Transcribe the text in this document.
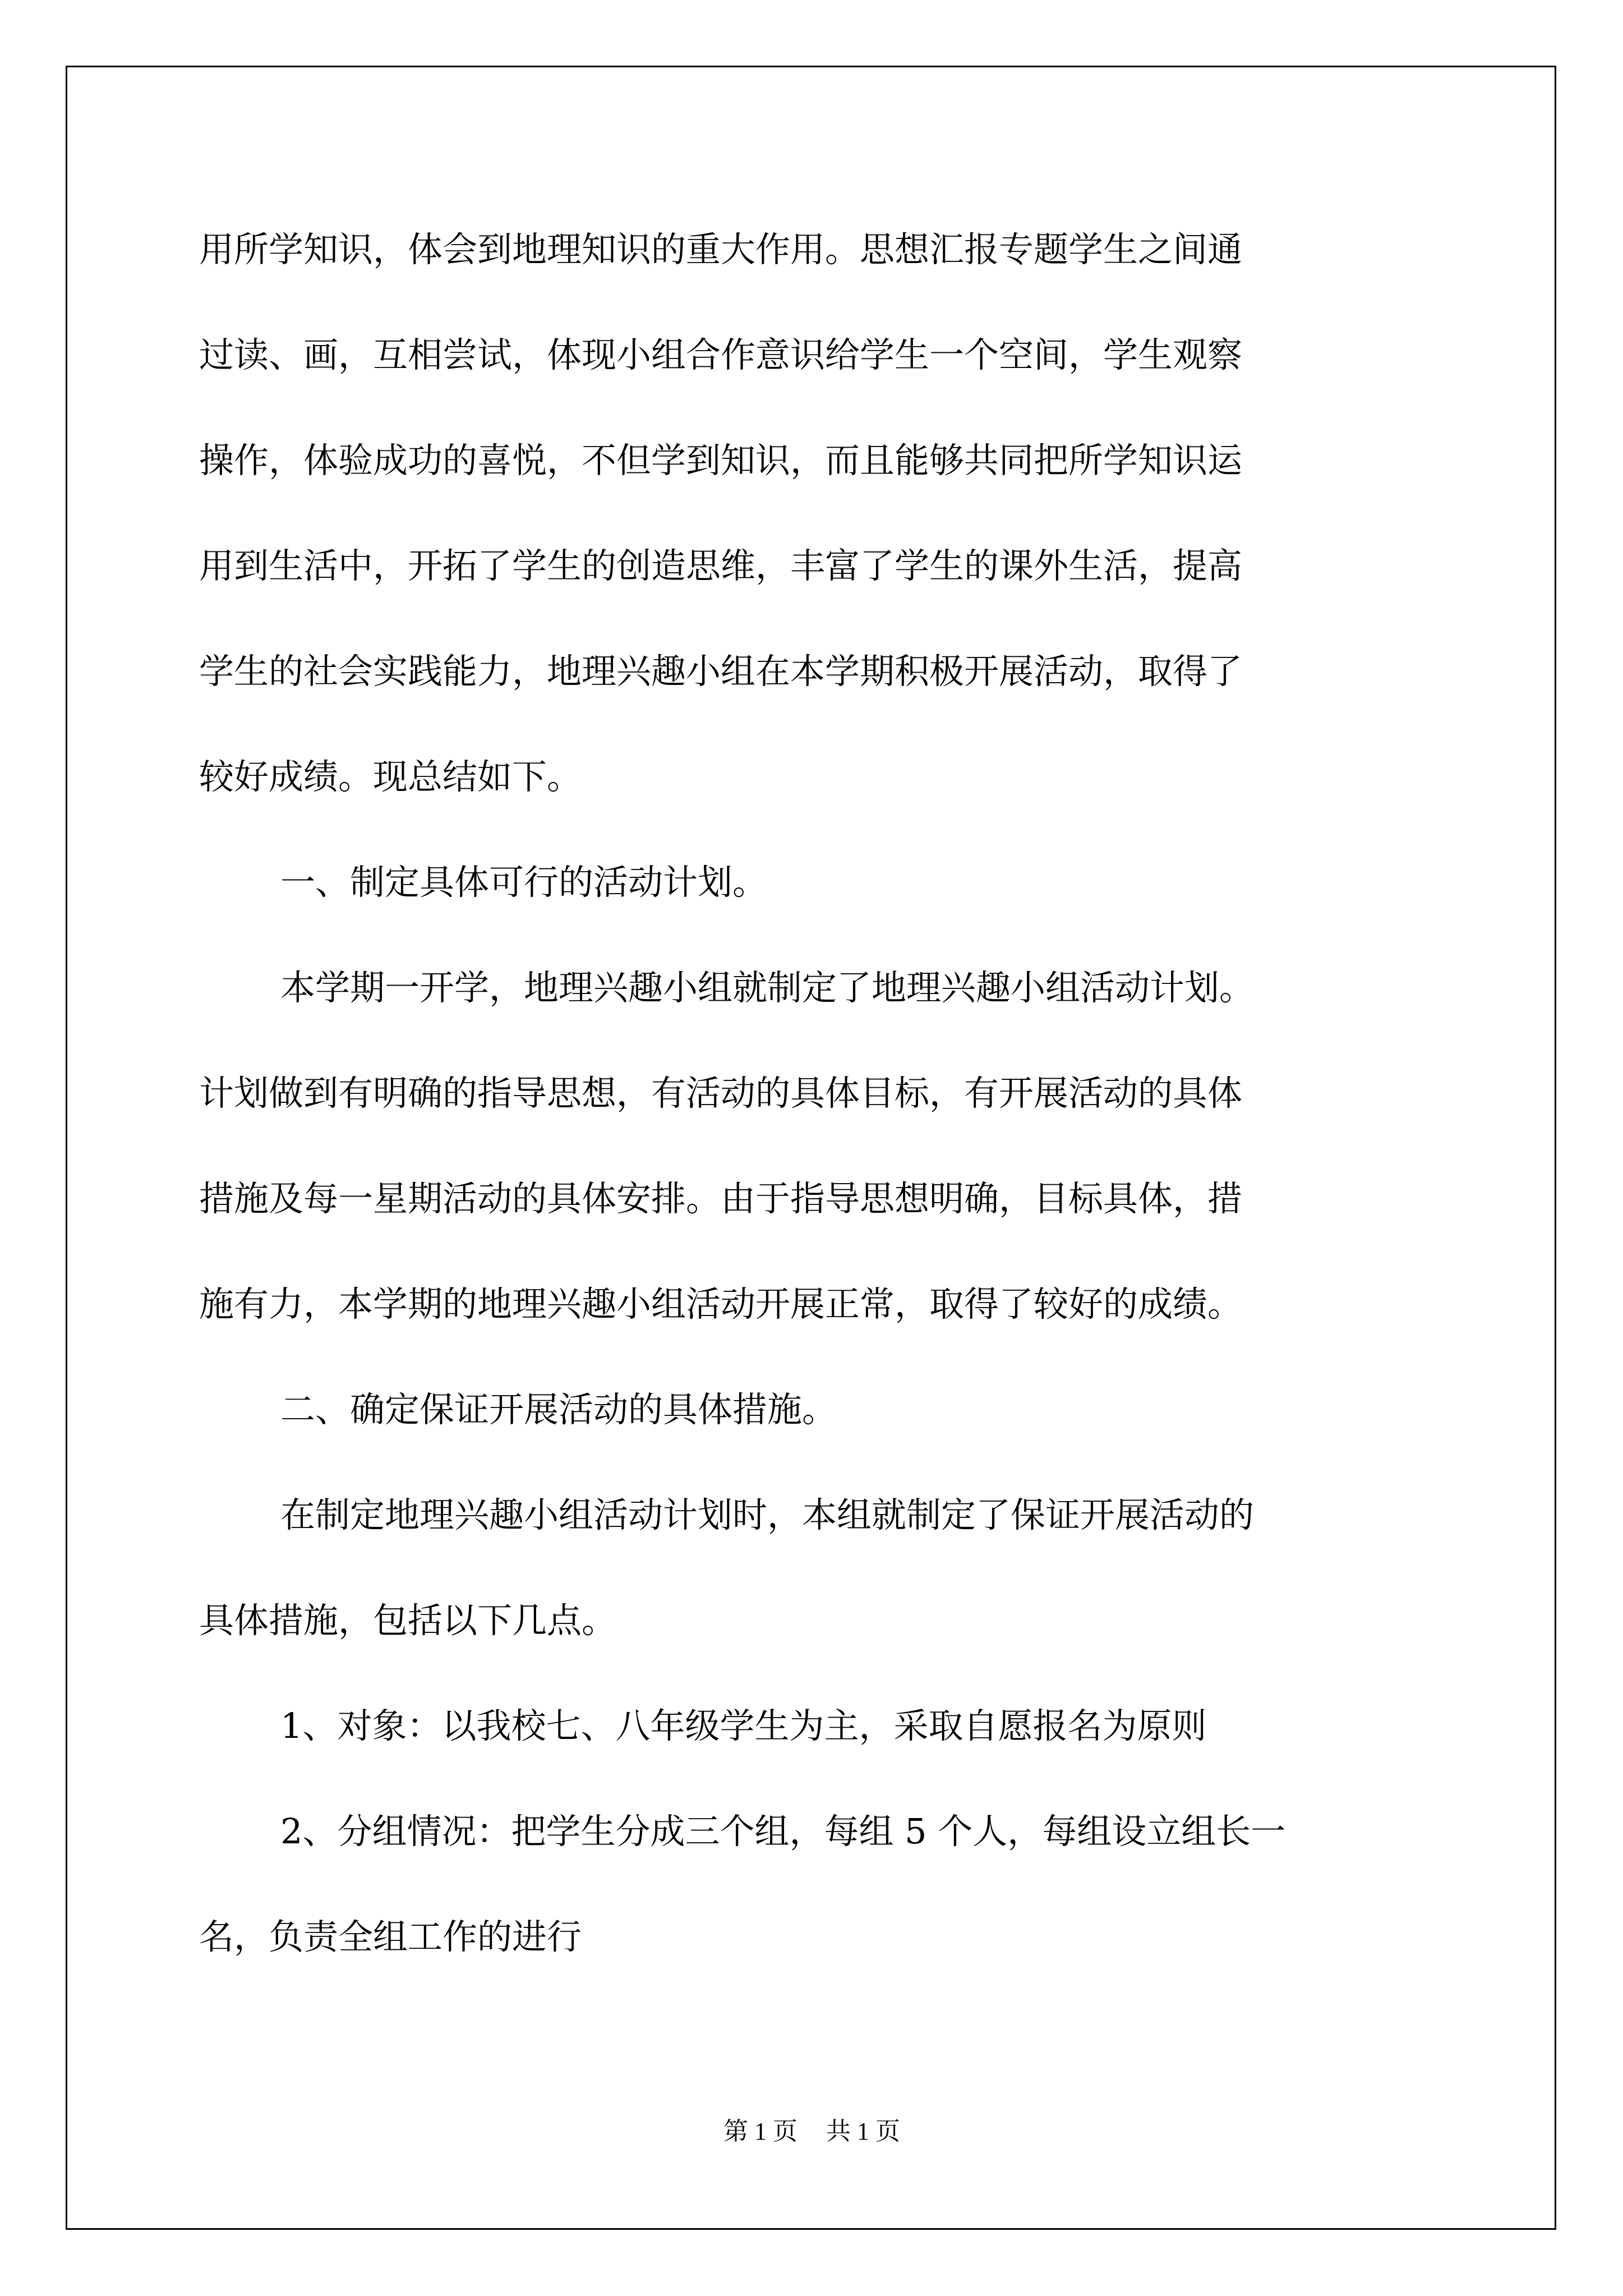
用所学知识，体会到地理知识的重大作用。思想汇报专题学生之间通
过读、画，互相尝试，体现小组合作意识给学生一个空间，学生观察
操作，体验成功的喜悦，不但学到知识，而且能够共同把所学知识运
用到生活中，开拓了学生的创造思维，丰富了学生的课外生活，提高
学生的社会实践能力，地理兴趣小组在本学期积极开展活动，取得了
较好成绩。现总结如下。
一、制定具体可行的活动计划。
本学期一开学，地理兴趣小组就制定了地理兴趣小组活动计划。
计划做到有明确的指导思想，有活动的具体目标，有开展活动的具体
措施及每一星期活动的具体安排。由于指导思想明确，目标具体，措
施有力，本学期的地理兴趣小组活动开展正常，取得了较好的成绩。
二、确定保证开展活动的具体措施。
在制定地理兴趣小组活动计划时，本组就制定了保证开展活动的
具体措施，包括以下几点。
1、对象：以我校七、八年级学生为主，采取自愿报名为原则
2、分组情况：把学生分成三个组，每组 5 个人，每组设立组长一
名，负责全组工作的进行
第 1 页 共 1 页
